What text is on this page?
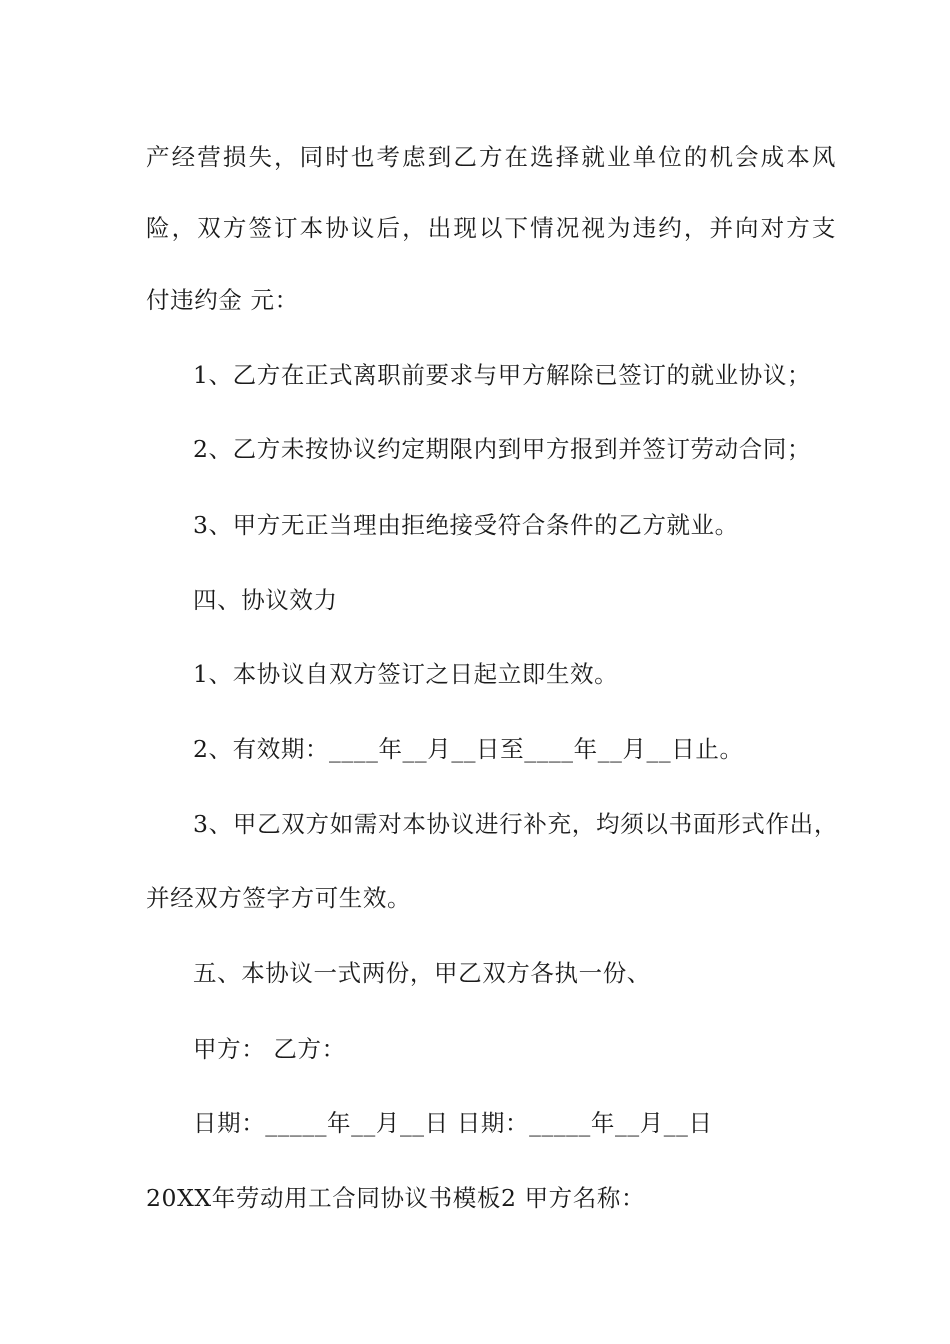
产经营损失，同时也考虑到乙方在选择就业单位的机会成本风
险，双方签订本协议后，出现以下情况视为违约，并向对方支
付违约金 元：
1、乙方在正式离职前要求与甲方解除已签订的就业协议；
2、乙方未按协议约定期限内到甲方报到并签订劳动合同；
3、甲方无正当理由拒绝接受符合条件的乙方就业。
四、协议效力
1、本协议自双方签订之日起立即生效。
2、有效期：____年__月__日至____年__月__日止。
3、甲乙双方如需对本协议进行补充，均须以书面形式作出，
并经双方签字方可生效。
五、本协议一式两份，甲乙双方各执一份、
甲方： 乙方：
日期：_____年__月__日 日期：_____年__月__日
20XX年劳动用工合同协议书模板2 甲方名称：
